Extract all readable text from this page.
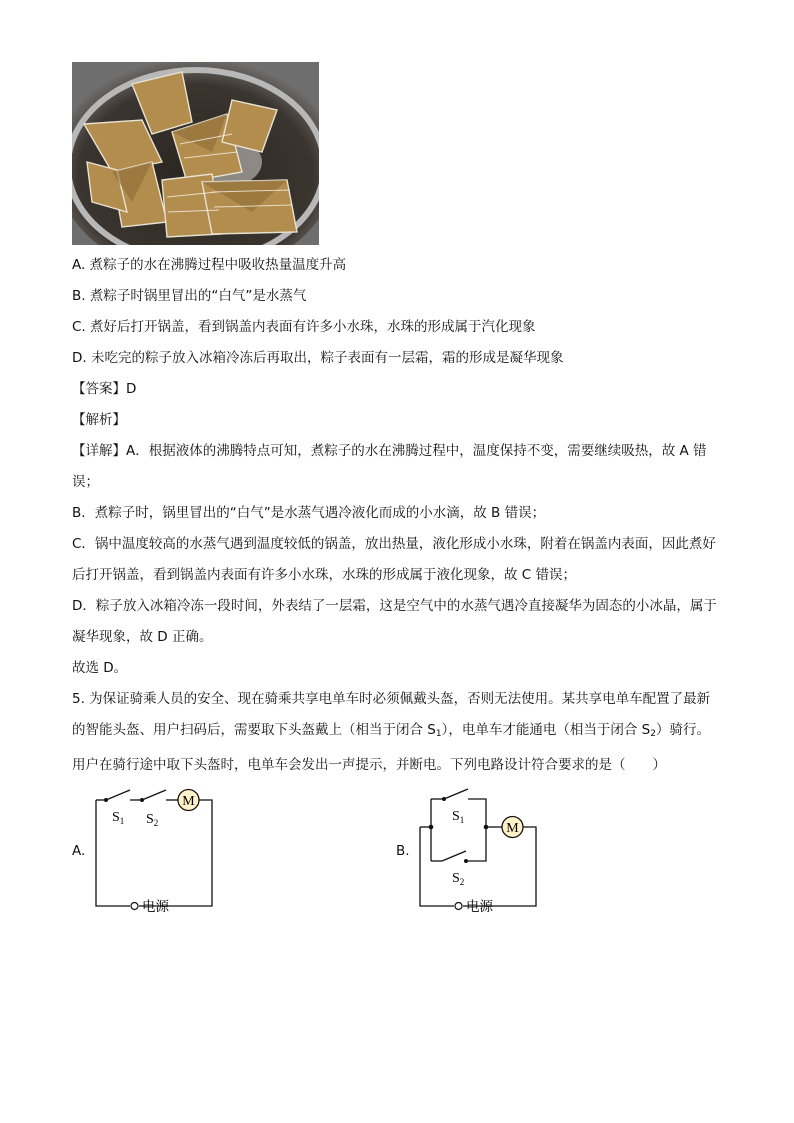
A. 煮粽子的水在沸腾过程中吸收热量温度升高
B. 煮粽子时锅里冒出的“白气”是水蒸气
C. 煮好后打开锅盖，看到锅盖内表面有许多小水珠，水珠的形成属于汽化现象
D. 未吃完的粽子放入冰箱冷冻后再取出，粽子表面有一层霜，霜的形成是凝华现象
【答案】D
【解析】
【详解】A．根据液体的沸腾特点可知，煮粽子的水在沸腾过程中，温度保持不变，需要继续吸热，故 A 错误；
B．煮粽子时，锅里冒出的“白气”是水蒸气遇冷液化而成的小水滴，故 B 错误；
C．锅中温度较高的水蒸气遇到温度较低的锅盖，放出热量，液化形成小水珠，附着在锅盖内表面，因此煮好后打开锅盖，看到锅盖内表面有许多小水珠，水珠的形成属于液化现象，故 C 错误；
D．粽子放入冰箱冷冻一段时间，外表结了一层霜，这是空气中的水蒸气遇冷直接凝华为固态的小冰晶，属于凝华现象，故 D 正确。
故选 D。
5. 为保证骑乘人员的安全、现在骑乘共享电单车时必须佩戴头盔，否则无法使用。某共享电单车配置了最新的智能头盔、用户扫码后，需要取下头盔戴上（相当于闭合 $S_1$），电单车才能通电（相当于闭合 $S_2$）骑行。用户在骑行途中取下头盔时，电单车会发出一声提示，并断电。下列电路设计符合要求的是（　　）
A.
M
电源
$S_1$ $S_2$
B.
M
电源
$S_1$
$S_2$
